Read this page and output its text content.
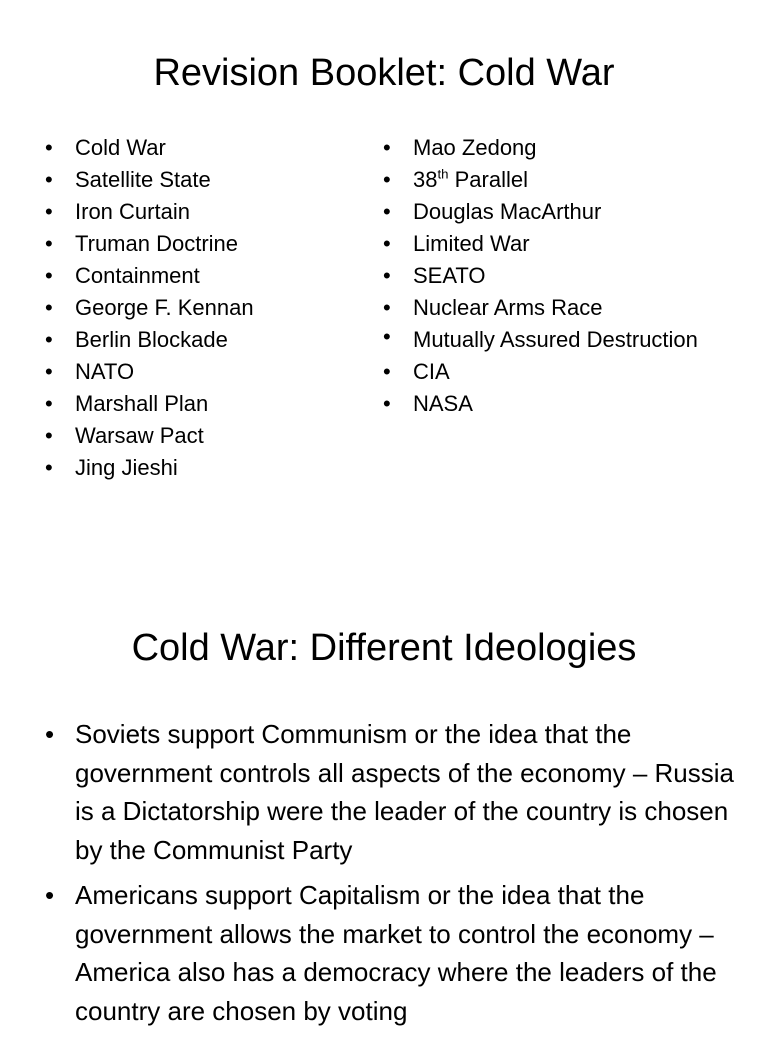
Revision Booklet: Cold War
• Cold War
• Satellite State
• Iron Curtain
• Truman Doctrine
• Containment
• George F. Kennan
• Berlin Blockade
• NATO
• Marshall Plan
• Warsaw Pact
• Jing Jieshi
• Mao Zedong
• 38th Parallel
• Douglas MacArthur
• Limited War
• SEATO
• Nuclear Arms Race
• Mutually Assured Destruction
• CIA
• NASA
Cold War: Different Ideologies
• Soviets support Communism or the idea that the government controls all aspects of the economy – Russia is a Dictatorship were the leader of the country is chosen by the Communist Party
• Americans support Capitalism or the idea that the government allows the market to control the economy – America also has a democracy where the leaders of the country are chosen by voting
